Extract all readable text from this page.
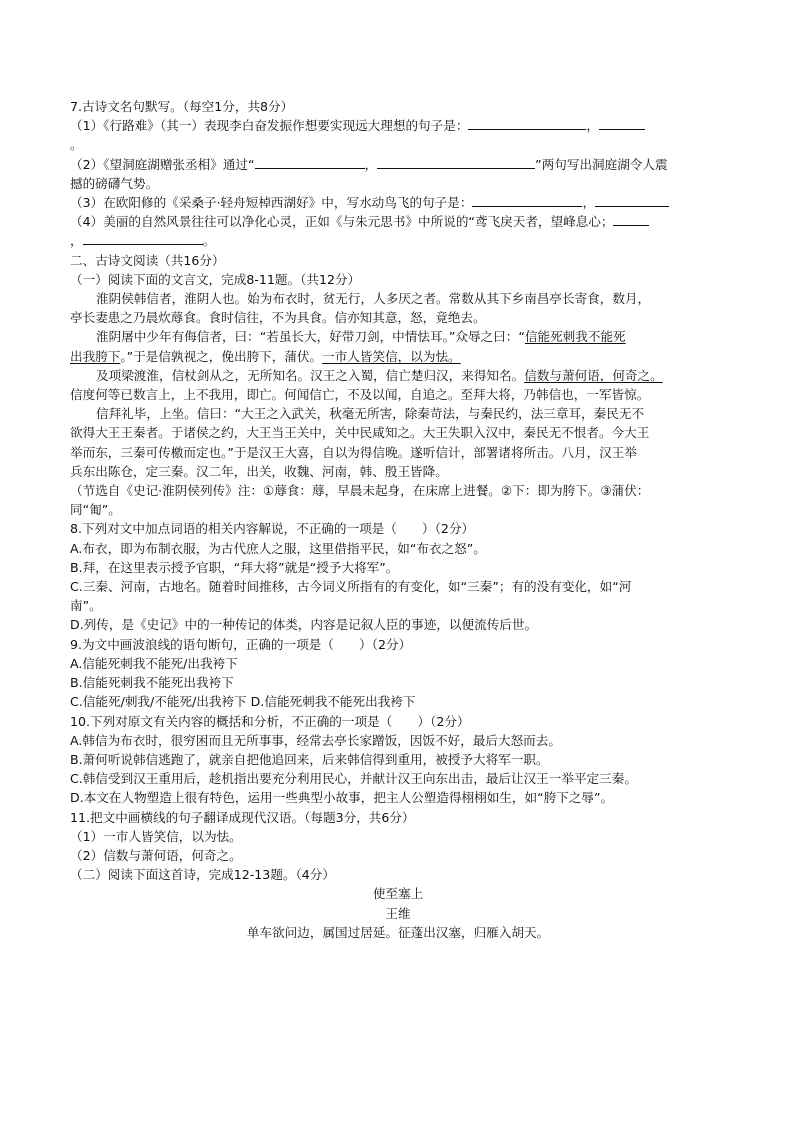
7.古诗文名句默写。（每空1分，共8分）

（1）《行路难》（其一）表现李白奋发振作想要实现远大理想的句子是：	，

。

（2）《望洞庭湖赠张丞相》通过“	，	”两句写出洞庭湖令人震

撼的磅礴气势。

（3）在欧阳修的《采桑子·轻舟短棹西湖好》中，写水动鸟飞的句子是：	，

（4）美丽的自然风景往往可以净化心灵，正如《与朱元思书》中所说的“鸢飞戾天者，望峰息心；

，	。

二、古诗文阅读（共16分）

（一）阅读下面的文言文，完成8-11题。（共12分）

淮阴侯韩信者，淮阴人也。始为布衣时，贫无行，人多厌之者。常数从其下乡南昌亭长寄食，数月，

亭长妻患之乃晨炊蓐食。食时信往，不为具食。信亦知其意，怒，竟绝去。

淮阴屠中少年有侮信者，曰：“若虽长大，好带刀剑，中情怯耳。”众辱之曰：“信能死刺我不能死

出我胯下。”于是信孰视之，俛出胯下，蒲伏。一市人皆笑信，以为怯。

及项梁渡淮，信杖剑从之，无所知名。汉王之入蜀，信亡楚归汉，来得知名。信数与萧何语，何奇之。

信度何等已数言上，上不我用，即亡。何闻信亡，不及以闻，自追之。至拜大将，乃韩信也，一军皆惊。

信拜礼毕，上坐。信曰：“大王之入武关，秋毫无所害，除秦苛法，与秦民约，法三章耳，秦民无不

欲得大王王秦者。于诸侯之约，大王当王关中，关中民咸知之。大王失职入汉中，秦民无不恨者。今大王

举而东，三秦可传檄而定也。”于是汉王大喜，自以为得信晚。遂听信计，部署诸将所击。八月，汉王举

兵东出陈仓，定三秦。汉二年，出关，收魏、河南，韩、殷王皆降。

（节选自《史记·淮阴侯列传》注：①蓐食：蓐，早晨未起身，在床席上进餐。②下：即为胯下。③蒲伏：

同“匍”。

8.下列对文中加点词语的相关内容解说，不正确的一项是（　　）（2分）

A.布衣，即为布制衣服，为古代庶人之服，这里借指平民，如“布衣之怒”。

B.拜，在这里表示授予官职，“拜大将”就是“授予大将军”。

C.三秦、河南，古地名。随着时间推移，古今词义所指有的有变化，如“三秦”；有的没有变化，如“河

南”。

D.列传，是《史记》中的一种传记的体类，内容是记叙人臣的事迹，以便流传后世。

9.为文中画波浪线的语句断句，正确的一项是（　　）（2分）

A.信能死刺我不能死/出我袴下

B.信能死刺我不能死出我袴下

C.信能死/刺我/不能死/出我袴下 D.信能死刺我不能死出我袴下

10.下列对原文有关内容的概括和分析，不正确的一项是（　　）（2分）

A.韩信为布衣时，很穷困而且无所事事，经常去亭长家蹭饭，因饭不好，最后大怒而去。

B.萧何听说韩信逃跑了，就亲自把他追回来，后来韩信得到重用，被授予大将军一职。

C.韩信受到汉王重用后，趁机指出要充分利用民心，并献计汉王向东出击，最后让汉王一举平定三秦。

D.本文在人物塑造上很有特色，运用一些典型小故事，把主人公塑造得栩栩如生，如“胯下之辱”。

11.把文中画横线的句子翻译成现代汉语。（每题3分，共6分）

（1）一市人皆笑信，以为怯。

（2）信数与萧何语，何奇之。

（二）阅读下面这首诗，完成12-13题。（4分）

使至塞上

王维

单车欲问边，属国过居延。征蓬出汉塞，归雁入胡天。
